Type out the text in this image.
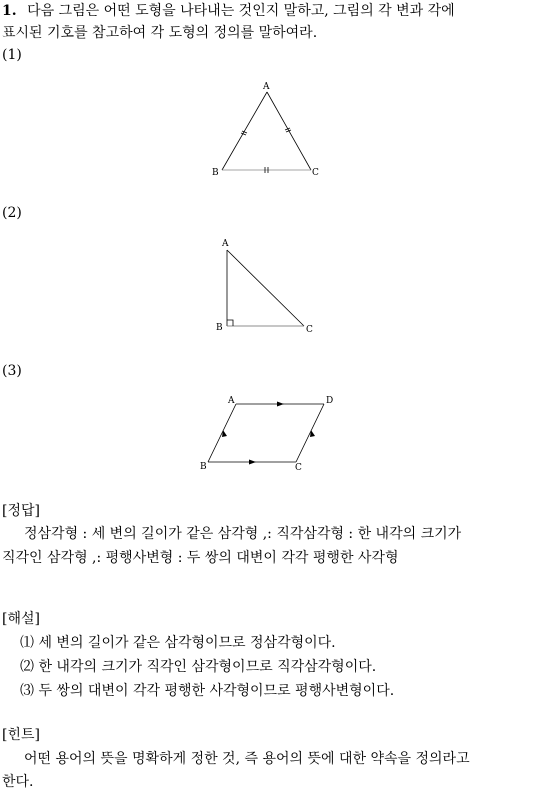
1. 다음 그림은 어떤 도형을 나타내는 것인지 말하고, 그림의 각 변과 각에
표시된 기호를 참고하여 각 도형의 정의를 말하여라.
(1)
A
B	C
(2)
A
B	C
(3)
A	D
B	C
[정답]
정삼각형 : 세 변의 길이가 같은 삼각형 ,: 직각삼각형 : 한 내각의 크기가
직각인 삼각형 ,: 평행사변형 : 두 쌍의 대변이 각각 평행한 사각형
[해설]
⑴ 세 변의 길이가 같은 삼각형이므로 정삼각형이다.
⑵ 한 내각의 크기가 직각인 삼각형이므로 직각삼각형이다.
⑶ 두 쌍의 대변이 각각 평행한 사각형이므로 평행사변형이다.
[힌트]
어떤 용어의 뜻을 명확하게 정한 것, 즉 용어의 뜻에 대한 약속을 정의라고
한다.
